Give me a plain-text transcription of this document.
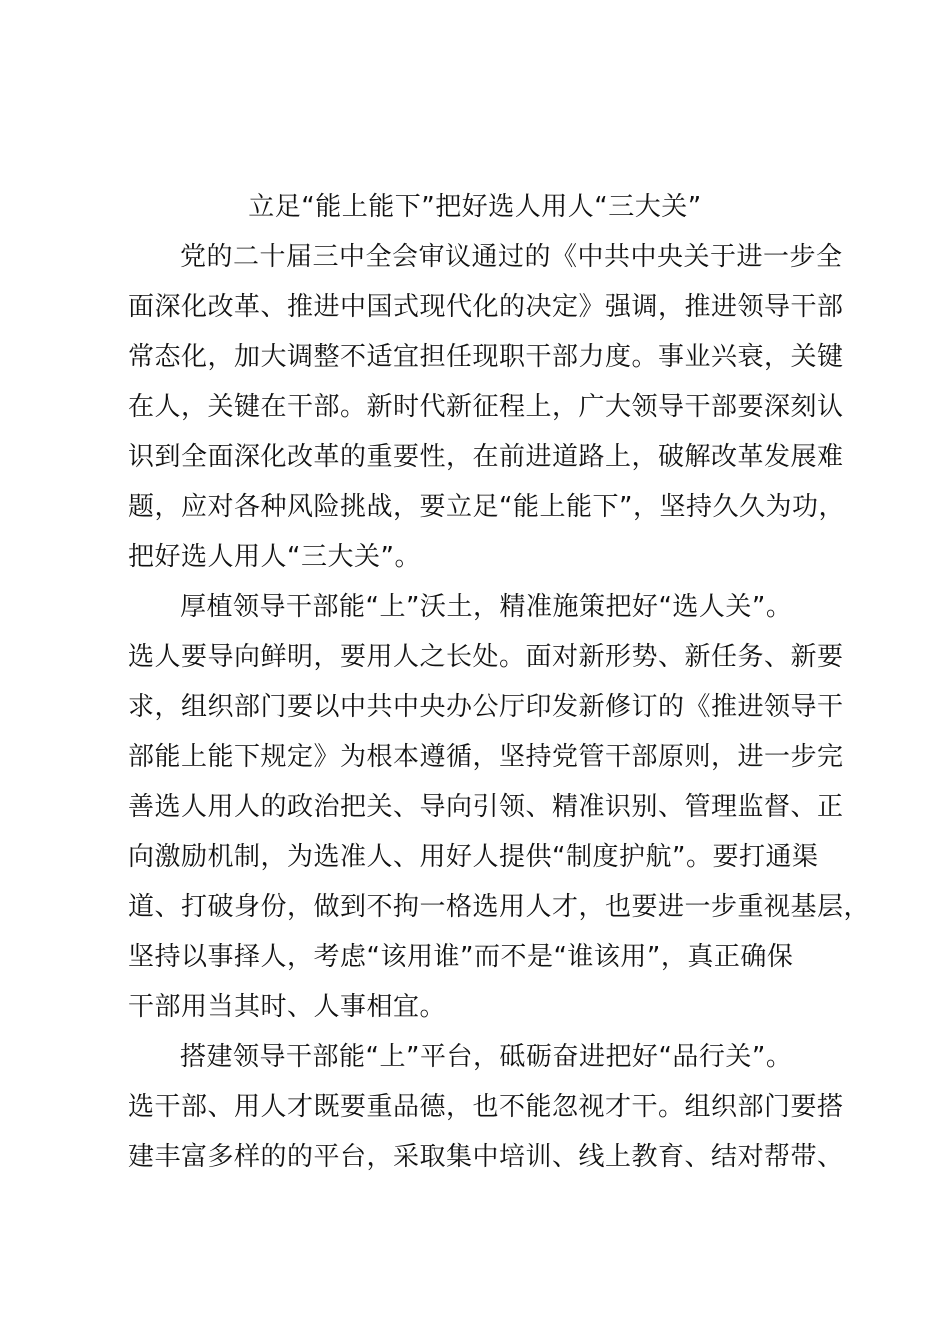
立足“能上能下”把好选人用人“三大关”
党的二十届三中全会审议通过的《中共中央关于进一步全
面深化改革、推进中国式现代化的决定》强调，推进领导干部
常态化，加大调整不适宜担任现职干部力度。事业兴衰，关键
在人，关键在干部。新时代新征程上，广大领导干部要深刻认
识到全面深化改革的重要性，在前进道路上，破解改革发展难
题，应对各种风险挑战，要立足“能上能下”，坚持久久为功，
把好选人用人“三大关”。
厚植领导干部能“上”沃土，精准施策把好“选人关”。
选人要导向鲜明，要用人之长处。面对新形势、新任务、新要
求，组织部门要以中共中央办公厅印发新修订的《推进领导干
部能上能下规定》为根本遵循，坚持党管干部原则，进一步完
善选人用人的政治把关、导向引领、精准识别、管理监督、正
向激励机制，为选准人、用好人提供“制度护航”。要打通渠
道、打破身份，做到不拘一格选用人才，也要进一步重视基层，
坚持以事择人，考虑“该用谁”而不是“谁该用”，真正确保
干部用当其时、人事相宜。
搭建领导干部能“上”平台，砥砺奋进把好“品行关”。
选干部、用人才既要重品德，也不能忽视才干。组织部门要搭
建丰富多样的的平台，采取集中培训、线上教育、结对帮带、
